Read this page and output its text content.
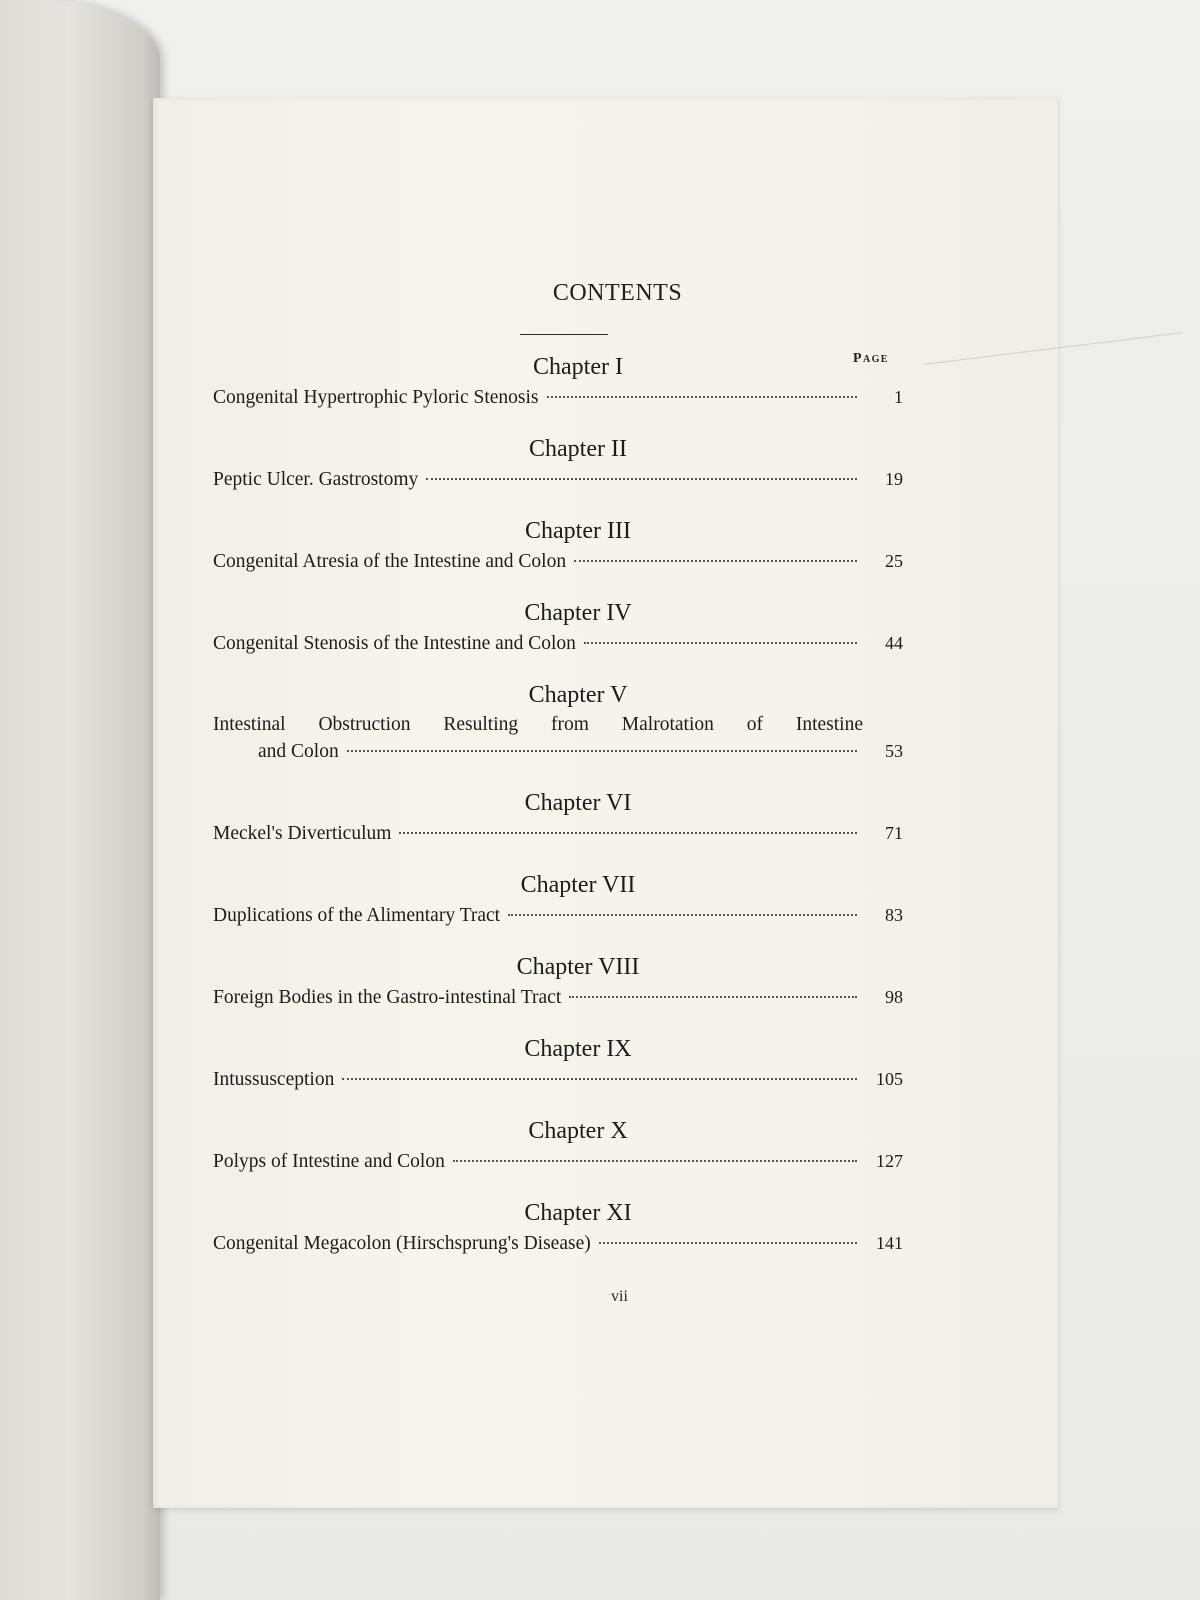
CONTENTS
Page
Chapter I
Congenital Hypertrophic Pyloric Stenosis	1
Chapter II
Peptic Ulcer. Gastrostomy	19
Chapter III
Congenital Atresia of the Intestine and Colon	25
Chapter IV
Congenital Stenosis of the Intestine and Colon	44
Chapter V
Intestinal Obstruction Resulting from Malrotation of Intestine
and Colon	53
Chapter VI
Meckel's Diverticulum	71
Chapter VII
Duplications of the Alimentary Tract	83
Chapter VIII
Foreign Bodies in the Gastro-intestinal Tract	98
Chapter IX
Intussusception	105
Chapter X
Polyps of Intestine and Colon	127
Chapter XI
Congenital Megacolon (Hirschsprung's Disease)	141
vii
